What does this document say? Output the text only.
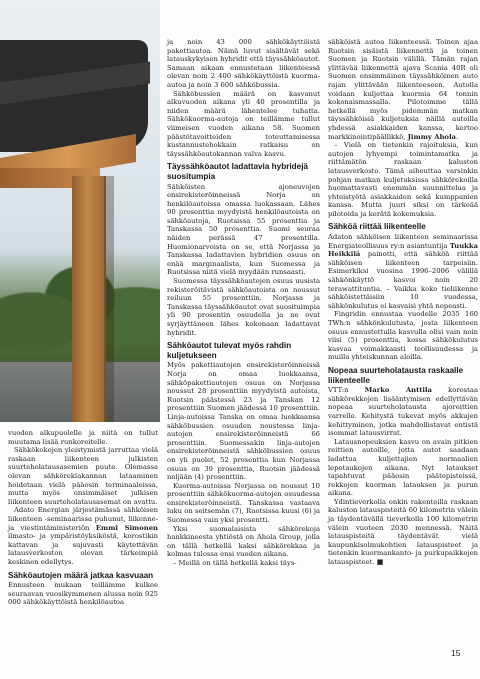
vuoden alkupuolelle ja niitä on tullut muutama lisää runkoreitelle.

Sähkökokojen yleistymistä jarruttaa vielä raskaan liikenteen julkisten suurteholatausasemien puute. Olemassa olevan sähköreklakannan lataaminen hoidetaan vielä pääosin terminaaleissa, mutta myös ensimmäiset julkisen liikenteen suurteholatausasemat on avattu.

Adato Energian järjestämässä sähköisen liikenteen -seminaarissa puhunut, liikenne- ja viestintäministeriön Emmi Simonen ilmasto- ja ympäristöyksiköstä, korostikin kattavan ja sujuvasti käytettävän latausverkoston olevan tärkeimpiä keskinen edellytys.

Sähköautojen määrä jatkaa kasvuaan

Ennusteen mukaan teillämme kulkee seuraavan vuosikymmenen alussa noin 925 000 sähkökäyttöistä henkilöautoa

ja noin 43 000 sähkökäyttöistä pakettiautoa. Nämä luvut sisältävät sekä latauskykyisen hybridit että täyssähköautot. Samaan aikaan ennustetaan liikenteessä olevan noin 2 400 sähkökäyttöistä kuorma-autoa ja noin 3 600 sähköbussia.

Sähköbussien määrä on kasvanut alkuvuoden aikana yli 40 prosentilla ja niiden määrä lähentelee tuhatta. Sähkökuorma-autoja on teillämme tullut viimeisen vuoden aikana 58. Suomen päästötavoitteiden toteuttamisessa kustannustehokkain ratkaisu on täyssähköautokannan valva kasvu.

Täyssähköautot ladattavia hybridejä suositumpia

Sähköisten ajoneuvojen ensirekisteröinneissä Norja on henkilöautoissa omassa luokassaan. Lähes 90 prosenttia myydyistä henkilöautoista on sähköautoja, Ruotsissa 55 prosenttia ja Tanskassa 50 prosenttia. Suomi seuraa näiden perässä 47 prosentilla. Huomionarvoista on se, että Norjassa ja Tanskassa ladattavien hybridien osuus on enää marginaalista, kun Suomessa ja Ruotsissa niitä vielä myydään runsaasti.

Suomessa täyssähköautojen osuus uusista rekisteröitävistä sähköautoista on noussut reiluun 55 prosenttiin. Norjassa ja Tanskassa täyssähköautot ovat suosituimpia yli 90 prosentin osuudella ja ne ovat syrjäyttäneen lähes kokonaan ladattavat hybridit.

Sähköautot tulevat myös rahdin kuljetukseen

Myös pakettiautojen ensirekisteröinneissä Norja on omaa luokkaansa, sähköpakettiautojen osuus on Norjassa noussut 28 prosenttiin myydyistä autoista, Ruotsin päästessä 23 ja Tanskan 12 prosenttiin Suomen jäädessä 10 prosenttiin. Linja-autoissa Tanska on omaa luokkaansa sähköbussien osuuden noustessa linja-autojen ensirekisteröinneistä 66 prosenttiin. Suomessakin linja-autojen ensirekisteröinneistä sähköbussien osuus on yli puolet, 52 prosenttia kun Norjassa osuus on 39 prosenttia, Ruotsin jäädessä neljään (4) prosenttiin.

Kuorma-autoissa Norjassa on noussut 10 prosenttiin sähkökuorma-autojen osuudessa ensirekisteröinneistä. Tanskassa vastaava luku on seitsemän (7), Ruotsissa kuusi (6) ja Suomessa vain yksi prosentti.

Yksi suomalaisista sähkörekoja hankkineesta yhtiöstä on Ahola Group, jolla on tällä hetkellä kaksi sähkörekkaa ja kolmas tulossa ensi vuoden aikana.

– Meillä on tällä hetkellä kaksi täys-

sähköistä autoa liikenteessä. Toinen ajaa Ruotsin sisäistä liikennettä ja toinen Suomen ja Ruotsin välillä. Tämän rajan ylittävää liikennettä ajava Scania 40R oli Suomen ensimmäinen täyssähköinen auto rajan ylittävään liikenteeseen. Autolla voidaan kuljettaa kuormia 64 tonnin kokonaismassalla. Pilotoimme tällä hetkellä myös pidemmän matkan täyssähköisiä kuljetuksia näillä autoilla yhdessä asiakkaiden kanssa, kertoo markkinointipäällikkö, Jimmy Ahola.

– Vielä on tietenkin rajoituksia, kun autojen lyhyempi toimintamatka ja riittämätön raskaan kaluston latausverkosto. Tämä aiheuttaa varsinkin pohjan matkan kuljetuksissa sähkörekoilla huomattavasti enemmän suunnittelua ja yhteistyötä asiakkaiden sekä kumppanien kanssa. Mutta juuri siksi on tärkeää pilotoida ja kerätä kokemuksia.

Sähköä riittää liikenteelle

Adaton sähköisen liikenteen seminaarissa Energiateollisuus ry:n asiantuntija Tuukka Heikkilä painotti, että sähköä riittää sähköisen liikenteen tarpeisiin. Esimerkiksi vuosina 1996–2006 välillä sähkönkäyttö kasvoi noin 20 terawattituntia. – Vaikka koko tieliikenne sähköistettäisiin 10 vuodessa, sähkönkulutus ei kasvaisi yhtä nopeasti.

Fingridin ennustaa vuodelle 2035 160 TWh:n sähkönkulutusta, josta liikenteen osuus ennustettulla kasvulla olisi vain noin viisi (5) prosenttia, kossa sähkökulutus kasvaa voimakkaasti teollisuudessa ja muilla yhteiskunnan aloilla.

Nopeaa suurteholatausta raskaalle liikenteelle

VTT:n Marko Anttila korostaa sähkörekkojen lisääntymisen edellyttävän nopeaa suurteholatausta ajoreittien varrelle. Kehitystä tukevat myös akkujen kehittyminen, jotka mahdollistavat entistä isommat latausvirrat.

Latausnopeuksien kasvu on avain pitkien reittien autoille, jotta autot saadaan ladattua kuljettajien normaalien lepotaukojen aikana. Nyt lataukset tapahtuvat pääosin päätepisteissä, rekkojen kuorman latauksen ja purun aikana.

Ydintieverkolla onkin rakenteilla raskaan kaluston latauspisteitä 60 kilometrin välein ja täydentävällä tieverkolla 100 kilometrin välein vuoteen 2030 mennessä. Näitä latauspisteitä täydentävät vielä kaupunkisolmukohtien latauspisteet ja tietenkin kuormankanto- ja purkupaikkojen latauspisteet. ■

15
